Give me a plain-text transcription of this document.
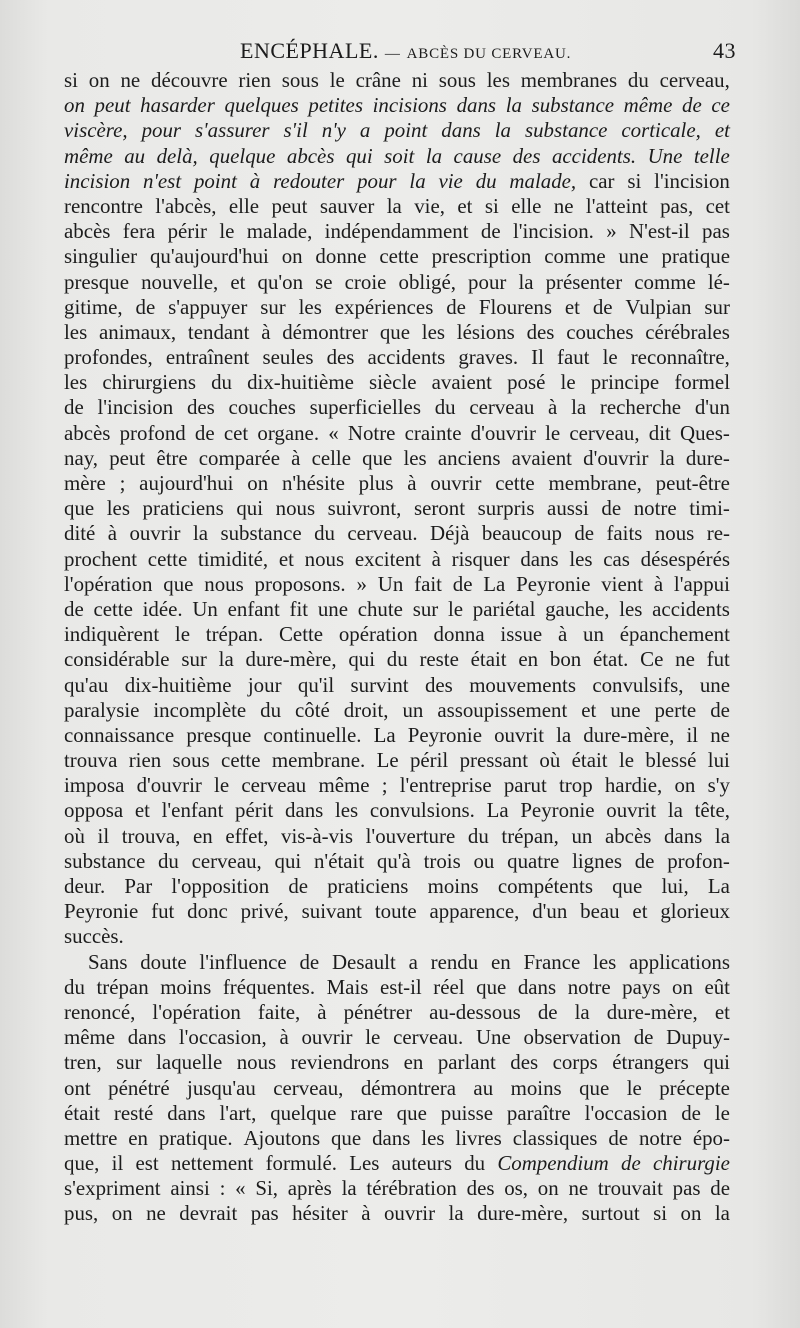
ENCÉPHALE. — ABCÈS DU CERVEAU.	43
si on ne découvre rien sous le crâne ni sous les membranes du cerveau,
on peut hasarder quelques petites incisions dans la substance même de ce
viscère, pour s'assurer s'il n'y a point dans la substance corticale, et
même au delà, quelque abcès qui soit la cause des accidents. Une telle
incision n'est point à redouter pour la vie du malade, car si l'incision
rencontre l'abcès, elle peut sauver la vie, et si elle ne l'atteint pas, cet
abcès fera périr le malade, indépendamment de l'incision. » N'est-il pas
singulier qu'aujourd'hui on donne cette prescription comme une pratique
presque nouvelle, et qu'on se croie obligé, pour la présenter comme lé-
gitime, de s'appuyer sur les expériences de Flourens et de Vulpian sur
les animaux, tendant à démontrer que les lésions des couches cérébrales
profondes, entraînent seules des accidents graves. Il faut le reconnaître,
les chirurgiens du dix-huitième siècle avaient posé le principe formel
de l'incision des couches superficielles du cerveau à la recherche d'un
abcès profond de cet organe. « Notre crainte d'ouvrir le cerveau, dit Ques-
nay, peut être comparée à celle que les anciens avaient d'ouvrir la dure-
mère ; aujourd'hui on n'hésite plus à ouvrir cette membrane, peut-être
que les praticiens qui nous suivront, seront surpris aussi de notre timi-
dité à ouvrir la substance du cerveau. Déjà beaucoup de faits nous re-
prochent cette timidité, et nous excitent à risquer dans les cas désespérés
l'opération que nous proposons. » Un fait de La Peyronie vient à l'appui
de cette idée. Un enfant fit une chute sur le pariétal gauche, les accidents
indiquèrent le trépan. Cette opération donna issue à un épanchement
considérable sur la dure-mère, qui du reste était en bon état. Ce ne fut
qu'au dix-huitième jour qu'il survint des mouvements convulsifs, une
paralysie incomplète du côté droit, un assoupissement et une perte de
connaissance presque continuelle. La Peyronie ouvrit la dure-mère, il ne
trouva rien sous cette membrane. Le péril pressant où était le blessé lui
imposa d'ouvrir le cerveau même ; l'entreprise parut trop hardie, on s'y
opposa et l'enfant périt dans les convulsions. La Peyronie ouvrit la tête,
où il trouva, en effet, vis-à-vis l'ouverture du trépan, un abcès dans la
substance du cerveau, qui n'était qu'à trois ou quatre lignes de profon-
deur. Par l'opposition de praticiens moins compétents que lui, La
Peyronie fut donc privé, suivant toute apparence, d'un beau et glorieux
succès.
Sans doute l'influence de Desault a rendu en France les applications
du trépan moins fréquentes. Mais est-il réel que dans notre pays on eût
renoncé, l'opération faite, à pénétrer au-dessous de la dure-mère, et
même dans l'occasion, à ouvrir le cerveau. Une observation de Dupuy-
tren, sur laquelle nous reviendrons en parlant des corps étrangers qui
ont pénétré jusqu'au cerveau, démontrera au moins que le précepte
était resté dans l'art, quelque rare que puisse paraître l'occasion de le
mettre en pratique. Ajoutons que dans les livres classiques de notre épo-
que, il est nettement formulé. Les auteurs du Compendium de chirurgie
s'expriment ainsi : « Si, après la térébration des os, on ne trouvait pas de
pus, on ne devrait pas hésiter à ouvrir la dure-mère, surtout si on la
